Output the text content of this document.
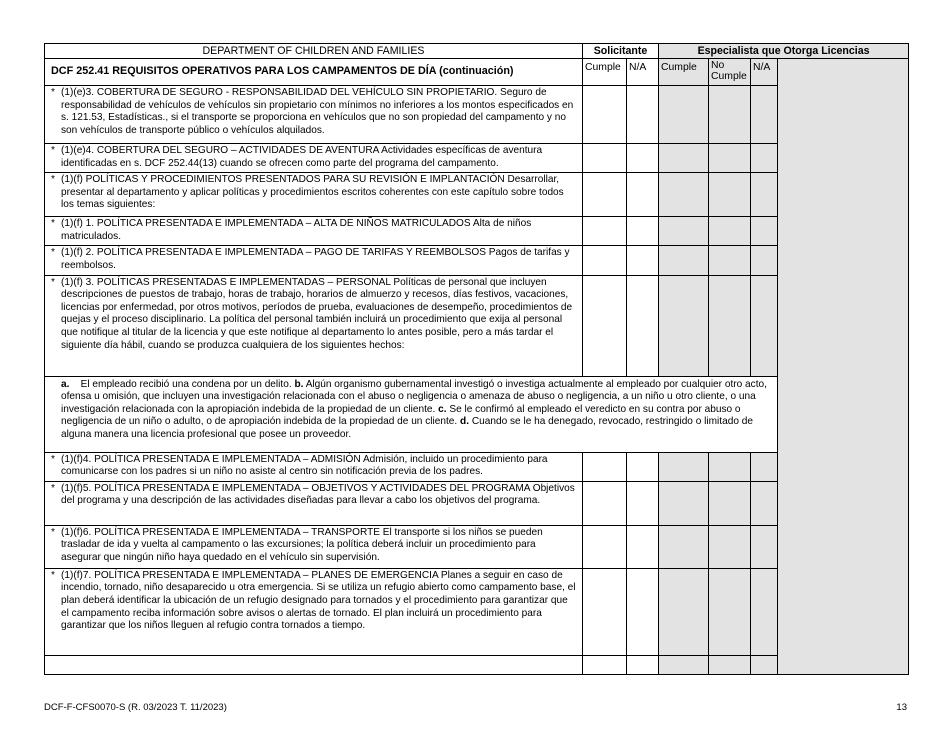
DEPARTMENT OF CHILDREN AND FAMILIES	Solicitante		Especialista que Otorga Licencias			
DCF 252.41 REQUISITOS OPERATIVOS PARA LOS CAMPAMENTOS DE DÍA (continuación)	Cumple	N/A	Cumple	No Cumple	N/A	

* (1)(e)3. COBERTURA DE SEGURO - RESPONSABILIDAD DEL VEHÍCULO SIN PROPIETARIO. Seguro de responsabilidad de vehículos de vehículos sin propietario con mínimos no inferiores a los montos especificados en s. 121.53, Estadísticas., si el transporte se proporciona en vehículos que no son propiedad del campamento y no son vehículos de transporte público o vehículos alquilados.						

* (1)(e)4. COBERTURA DEL SEGURO – ACTIVIDADES DE AVENTURA Actividades específicas de aventura identificadas en s. DCF 252.44(13) cuando se ofrecen como parte del programa del campamento.						

* (1)(f) POLÍTICAS Y PROCEDIMIENTOS PRESENTADOS PARA SU REVISIÓN E IMPLANTACIÓN Desarrollar, presentar al departamento y aplicar políticas y procedimientos escritos coherentes con este capítulo sobre todos los temas siguientes:						

* (1)(f) 1. POLÍTICA PRESENTADA E IMPLEMENTADA – ALTA DE NIÑOS MATRICULADOS Alta de niños matriculados.						

* (1)(f) 2. POLÍTICA PRESENTADA E IMPLEMENTADA – PAGO DE TARIFAS Y REEMBOLSOS Pagos de tarifas y reembolsos.						

* (1)(f) 3. POLÍTICAS PRESENTADAS E IMPLEMENTADAS – PERSONAL Políticas de personal que incluyen descripciones de puestos de trabajo, horas de trabajo, horarios de almuerzo y recesos, días festivos, vacaciones, licencias por enfermedad, por otros motivos, períodos de prueba, evaluaciones de desempeño, procedimientos de quejas y el proceso disciplinario. La política del personal también incluirá un procedimiento que exija al personal que notifique al titular de la licencia y que este notifique al departamento lo antes posible, pero a más tardar el siguiente día hábil, cuando se produzca cualquiera de los siguientes hechos:						
a. El empleado recibió una condena por un delito. b. Algún organismo gubernamental investigó o investiga actualmente al empleado por cualquier otro acto, ofensa u omisión, que incluyen una investigación relacionada con el abuso o negligencia o amenaza de abuso o negligencia, a un niño u otro cliente, o una investigación relacionada con la apropiación indebida de la propiedad de un cliente. c. Se le confirmó al empleado el veredicto en su contra por abuso o negligencia de un niño o adulto, o de apropiación indebida de la propiedad de un cliente. d. Cuando se le ha denegado, revocado, restringido o limitado de alguna manera una licencia profesional que posee un proveedor.						

* (1)(f)4. POLÍTICA PRESENTADA E IMPLEMENTADA – ADMISIÓN Admisión, incluido un procedimiento para comunicarse con los padres si un niño no asiste al centro sin notificación previa de los padres.						

* (1)(f)5. POLÍTICA PRESENTADA E IMPLEMENTADA – OBJETIVOS Y ACTIVIDADES DEL PROGRAMA Objetivos del programa y una descripción de las actividades diseñadas para llevar a cabo los objetivos del programa.						

* (1)(f)6. POLÍTICA PRESENTADA E IMPLEMENTADA – TRANSPORTE El transporte si los niños se pueden trasladar de ida y vuelta al campamento o las excursiones; la política deberá incluir un procedimiento para asegurar que ningún niño haya quedado en el vehículo sin supervisión.						

* (1)(f)7. POLÍTICA PRESENTADA E IMPLEMENTADA – PLANES DE EMERGENCIA Planes a seguir en caso de incendio, tornado, niño desaparecido u otra emergencia. Si se utiliza un refugio abierto como campamento base, el plan deberá identificar la ubicación de un refugio designado para tornados y el procedimiento para garantizar que el campamento reciba información sobre avisos o alertas de tornado. El plan incluirá un procedimiento para garantizar que los niños lleguen al refugio contra tornados a tiempo.						

DCF-F-CFS0070-S (R. 03/2023 T. 11/2023)	13
